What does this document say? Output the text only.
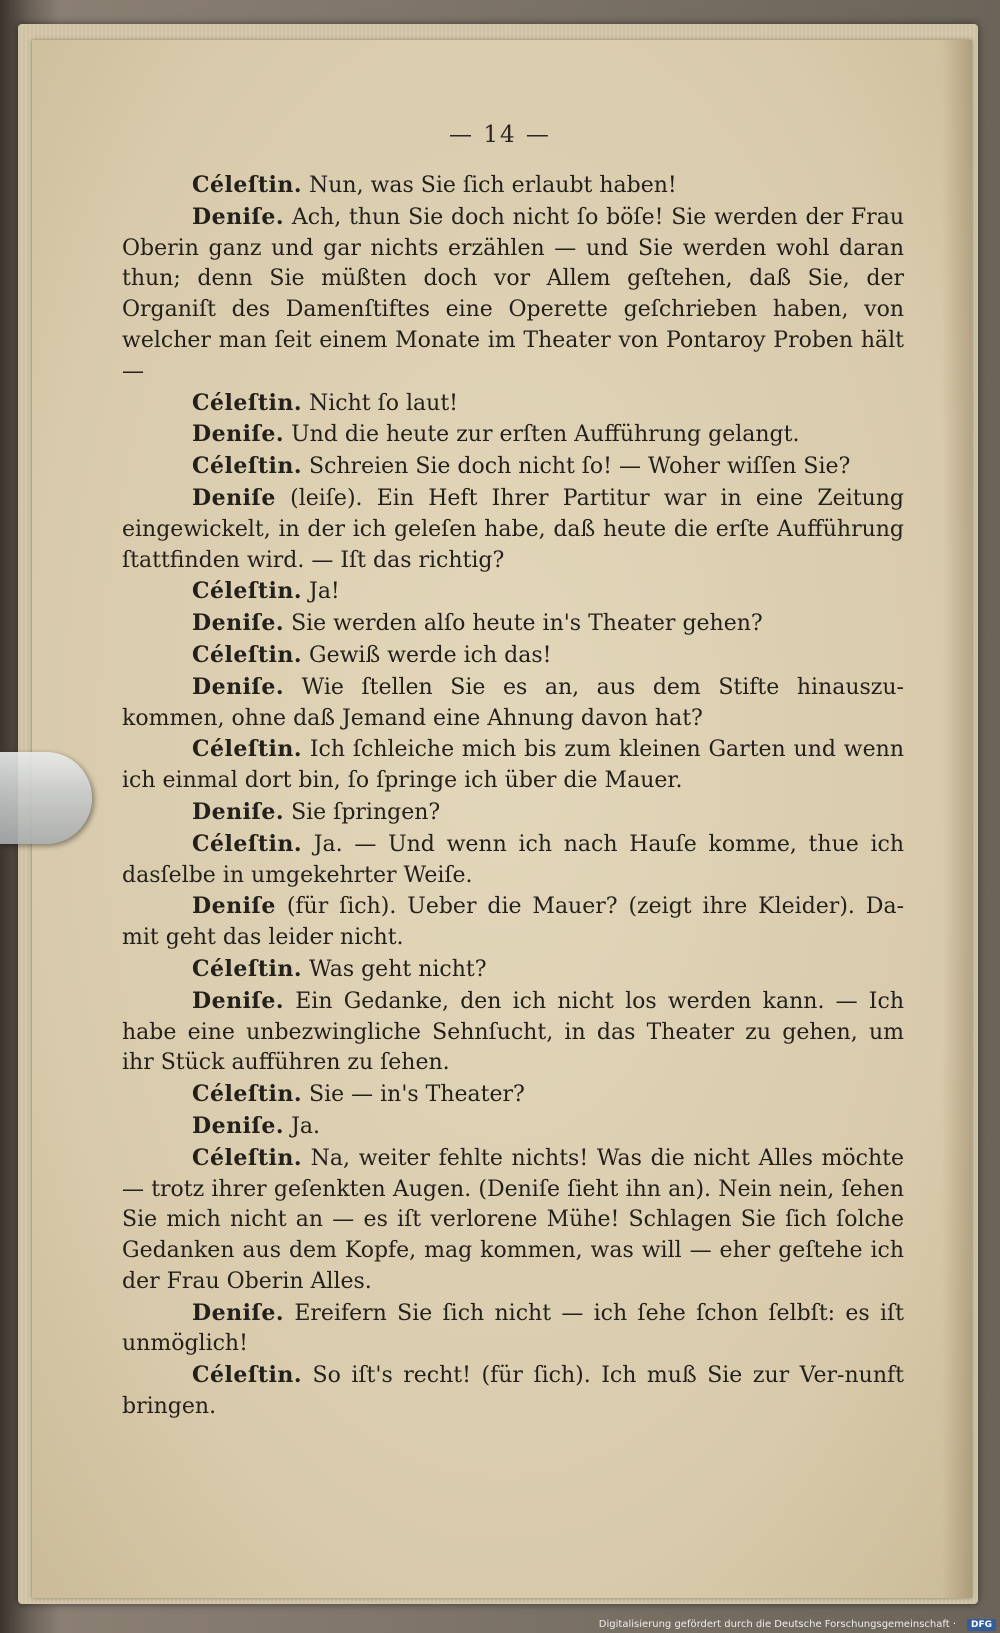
— 14 —

Céleſtin. Nun, was Sie ſich erlaubt haben!

Deniſe. Ach, thun Sie doch nicht ſo böſe! Sie werden der Frau Oberin ganz und gar nichts erzählen — und Sie werden wohl daran thun; denn Sie müßten doch vor Allem geſtehen, daß Sie, der Organiſt des Damenſtiftes eine Operette geſchrieben haben, von welcher man ſeit einem Monate im Theater von Pontaroy Proben hält —

Céleſtin. Nicht ſo laut!

Deniſe. Und die heute zur erſten Aufführung gelangt.

Céleſtin. Schreien Sie doch nicht ſo! — Woher wiſſen Sie?

Deniſe (leiſe). Ein Heft Ihrer Partitur war in eine Zeitung eingewickelt, in der ich geleſen habe, daß heute die erſte Aufführung ſtattfinden wird. — Iſt das richtig?

Céleſtin. Ja!

Deniſe. Sie werden alſo heute in's Theater gehen?

Céleſtin. Gewiß werde ich das!

Deniſe. Wie ſtellen Sie es an, aus dem Stifte hinauszu-kommen, ohne daß Jemand eine Ahnung davon hat?

Céleſtin. Ich ſchleiche mich bis zum kleinen Garten und wenn ich einmal dort bin, ſo ſpringe ich über die Mauer.

Deniſe. Sie ſpringen?

Céleſtin. Ja. — Und wenn ich nach Hauſe komme, thue ich dasſelbe in umgekehrter Weiſe.

Deniſe (für ſich). Ueber die Mauer? (zeigt ihre Kleider). Da-mit geht das leider nicht.

Céleſtin. Was geht nicht?

Deniſe. Ein Gedanke, den ich nicht los werden kann. — Ich habe eine unbezwingliche Sehnſucht, in das Theater zu gehen, um ihr Stück aufführen zu ſehen.

Céleſtin. Sie — in's Theater?

Deniſe. Ja.

Céleſtin. Na, weiter fehlte nichts! Was die nicht Alles möchte — trotz ihrer geſenkten Augen. (Deniſe ſieht ihn an). Nein nein, ſehen Sie mich nicht an — es iſt verlorene Mühe! Schlagen Sie ſich ſolche Gedanken aus dem Kopfe, mag kommen, was will — eher geſtehe ich der Frau Oberin Alles.

Deniſe. Ereifern Sie ſich nicht — ich ſehe ſchon ſelbſt: es iſt unmöglich!

Céleſtin. So iſt's recht! (für ſich). Ich muß Sie zur Ver-nunft bringen.

Digitalisierung gefördert durch die Deutsche Forschungsgemeinschaft ·	DFG
